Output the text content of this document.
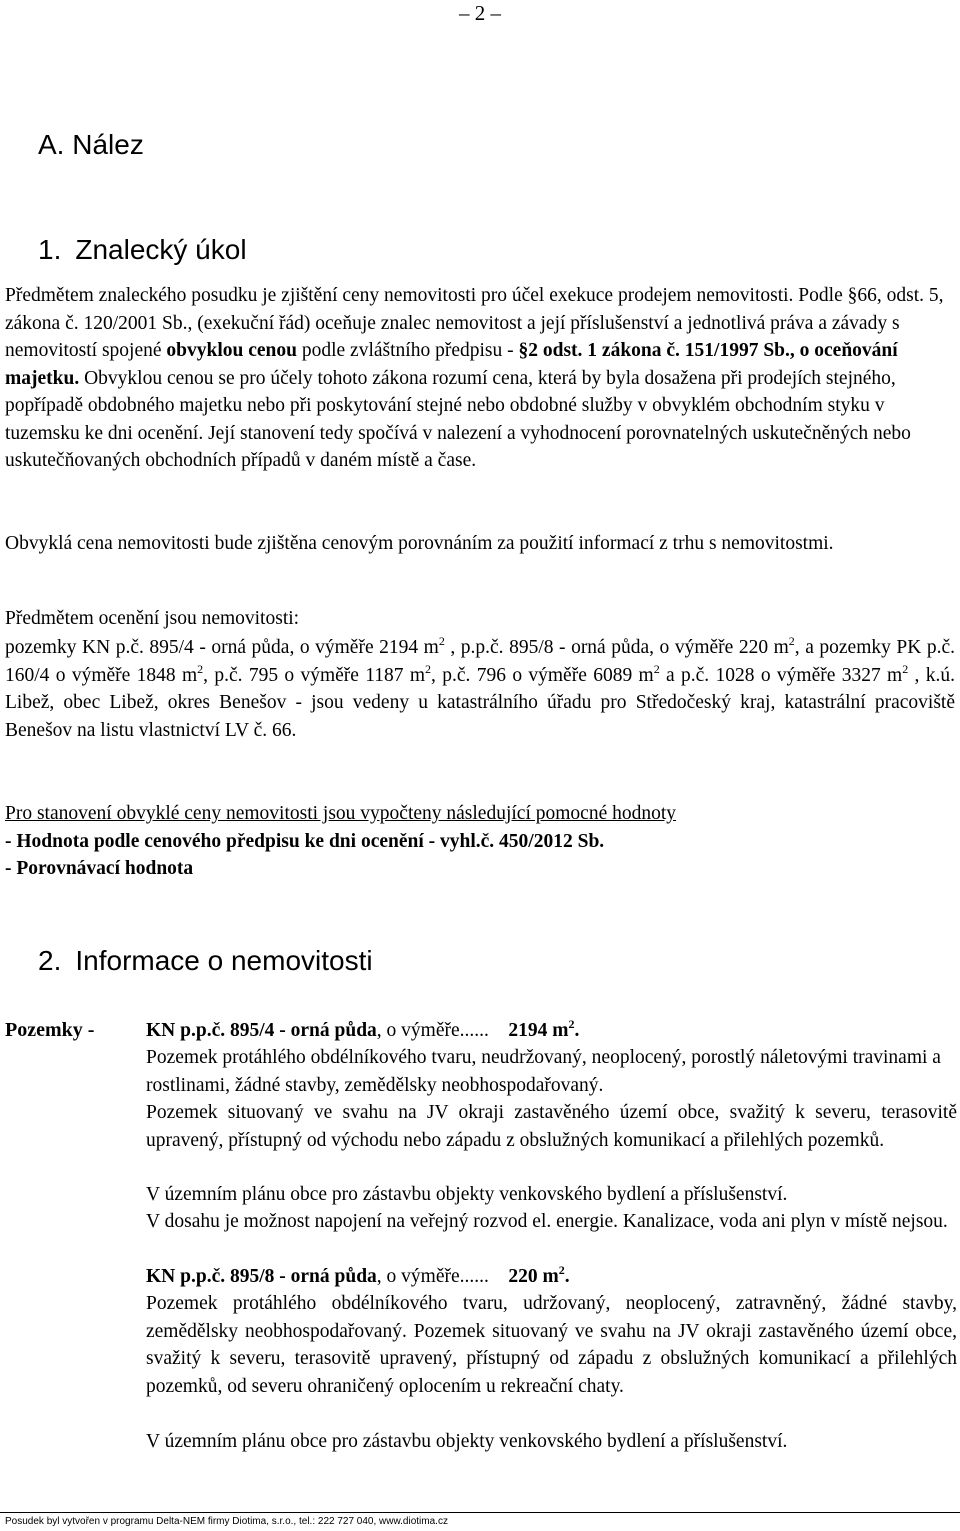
– 2 –
A. Nález
1. Znalecký úkol

Předmětem znaleckého posudku je zjištění ceny nemovitosti pro účel exekuce prodejem nemovitosti. Podle §66, odst. 5, zákona č. 120/2001 Sb., (exekuční řád) oceňuje znalec nemovitost a její příslušenství a jednotlivá práva a závady s nemovitostí spojené obvyklou cenou podle zvláštního předpisu - §2 odst. 1 zákona č. 151/1997 Sb., o oceňování majetku. Obvyklou cenou se pro účely tohoto zákona rozumí cena, která by byla dosažena při prodejích stejného, popřípadě obdobného majetku nebo při poskytování stejné nebo obdobné služby v obvyklém obchodním styku v tuzemsku ke dni ocenění. Její stanovení tedy spočívá v nalezení a vyhodnocení porovnatelných uskutečněných nebo uskutečňovaných obchodních případů v daném místě a čase.

Obvyklá cena nemovitosti bude zjištěna cenovým porovnáním za použití informací z trhu s nemovitostmi.

Předmětem ocenění jsou nemovitosti:

pozemky KN p.č. 895/4 - orná půda, o výměře 2194 $m^2$ , p.p.č. 895/8 - orná půda, o výměře 220 $m^2$, a pozemky PK p.č. 160/4 o výměře 1848 $m^2$, p.č. 795 o výměře 1187 $m^2$, p.č. 796 o výměře 6089 $m^2$ a p.č. 1028 o výměře 3327 $m^2$ , k.ú. Libež, obec Libež, okres Benešov - jsou vedeny u katastrálního úřadu pro Středočeský kraj, katastrální pracoviště Benešov na listu vlastnictví LV č. 66.

Pro stanovení obvyklé ceny nemovitosti jsou vypočteny následující pomocné hodnoty

- Hodnota podle cenového předpisu ke dni ocenění - vyhl.č. 450/2012 Sb.

- Porovnávací hodnota

2. Informace o nemovitosti
Pozemky -	KN p.p.č. 895/4 - orná půda, o výměře...... 2194 $m^2$.

Pozemek protáhlého obdélníkového tvaru, neudržovaný, neoplocený, porostlý náletovými travinami a rostlinami, žádné stavby, zemědělsky neobhospodařovaný.

Pozemek situovaný ve svahu na JV okraji zastavěného území obce, svažitý k severu, terasovitě upravený, přístupný od východu nebo západu z obslužných komunikací a přilehlých pozemků.

V územním plánu obce pro zástavbu objekty venkovského bydlení a příslušenství.

V dosahu je možnost napojení na veřejný rozvod el. energie. Kanalizace, voda ani plyn v místě nejsou.

KN p.p.č. 895/8 - orná půda, o výměře...... 220 $m^2$.

Pozemek protáhlého obdélníkového tvaru, udržovaný, neoplocený, zatravněný, žádné stavby, zemědělsky neobhospodařovaný. Pozemek situovaný ve svahu na JV okraji zastavěného území obce, svažitý k severu, terasovitě upravený, přístupný od západu z obslužných komunikací a přilehlých pozemků, od severu ohraničený oplocením u rekreační chaty.

V územním plánu obce pro zástavbu objekty venkovského bydlení a příslušenství.

Posudek byl vytvořen v programu Delta-NEM firmy Diotima, s.r.o., tel.: 222 727 040, www.diotima.cz
